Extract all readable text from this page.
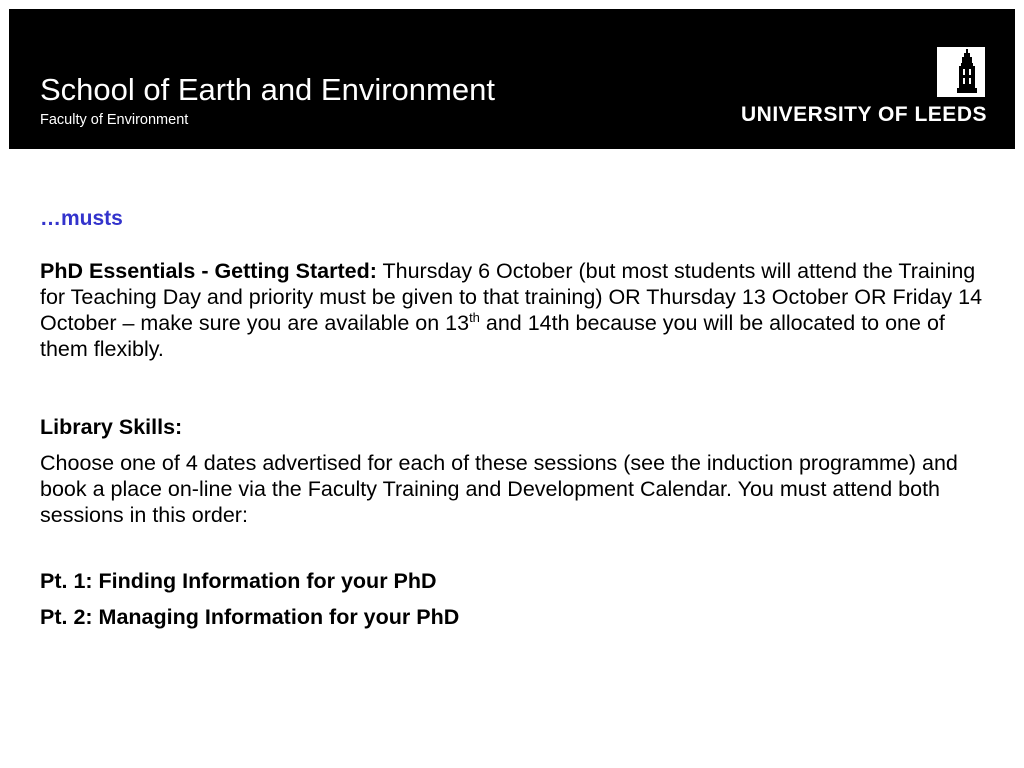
School of Earth and Environment
Faculty of Environment	UNIVERSITY OF LEEDS
…musts

PhD Essentials - Getting Started: Thursday 6 October (but most students will attend the Training for Teaching Day and priority must be given to that training) OR Thursday 13 October OR Friday 14 October – make sure you are available on 13th and 14th because you will be allocated to one of them flexibly.

Library Skills:

Choose one of 4 dates advertised for each of these sessions (see the induction programme) and book a place on-line via the Faculty Training and Development Calendar. You must attend both sessions in this order:

Pt. 1: Finding Information for your PhD

Pt. 2: Managing Information for your PhD
